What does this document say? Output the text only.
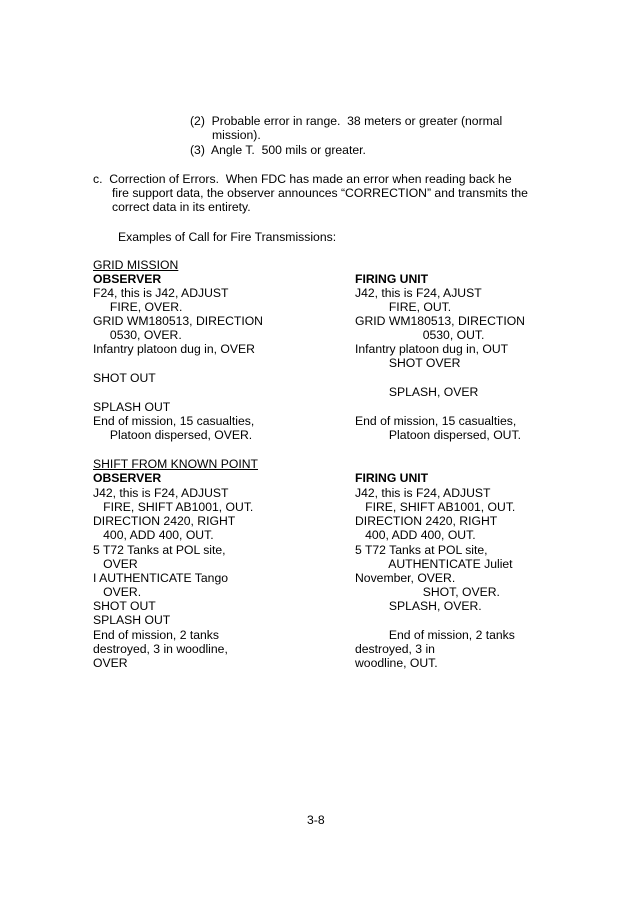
(2)  Probable error in range.  38 meters or greater (normal
mission).
(3)  Angle T.  500 mils or greater.
c.  Correction of Errors.  When FDC has made an error when reading back he
fire support data, the observer announces “CORRECTION” and transmits the
correct data in its entirety.
Examples of Call for Fire Transmissions:
GRID MISSION
OBSERVER	FIRING UNIT
F24, this is J42, ADJUST
FIRE, OVER.
GRID WM180513, DIRECTION
0530, OVER.
Infantry platoon dug in, OVER
SHOT OUT
SPLASH OUT
End of mission, 15 casualties,
Platoon dispersed, OVER.
J42, this is F24, AJUST
FIRE, OUT.
GRID WM180513, DIRECTION
0530, OUT.
Infantry platoon dug in, OUT
SHOT OVER
SPLASH, OVER
End of mission, 15 casualties,
Platoon dispersed, OUT.
SHIFT FROM KNOWN POINT
OBSERVER	FIRING UNIT
J42, this is F24, ADJUST
FIRE, SHIFT AB1001, OUT.
DIRECTION 2420, RIGHT
400, ADD 400, OUT.
5 T72 Tanks at POL site,
OVER
I AUTHENTICATE Tango
OVER.
SHOT OUT
SPLASH OUT
End of mission, 2 tanks
destroyed, 3 in woodline,
OVER
J42, this is F24, ADJUST
FIRE, SHIFT AB1001, OUT.
DIRECTION 2420, RIGHT
400, ADD 400, OUT.
5 T72 Tanks at POL site,
AUTHENTICATE Juliet
November, OVER.
SHOT, OVER.
SPLASH, OVER.
End of mission, 2 tanks
destroyed, 3 in
woodline, OUT.
3-8
